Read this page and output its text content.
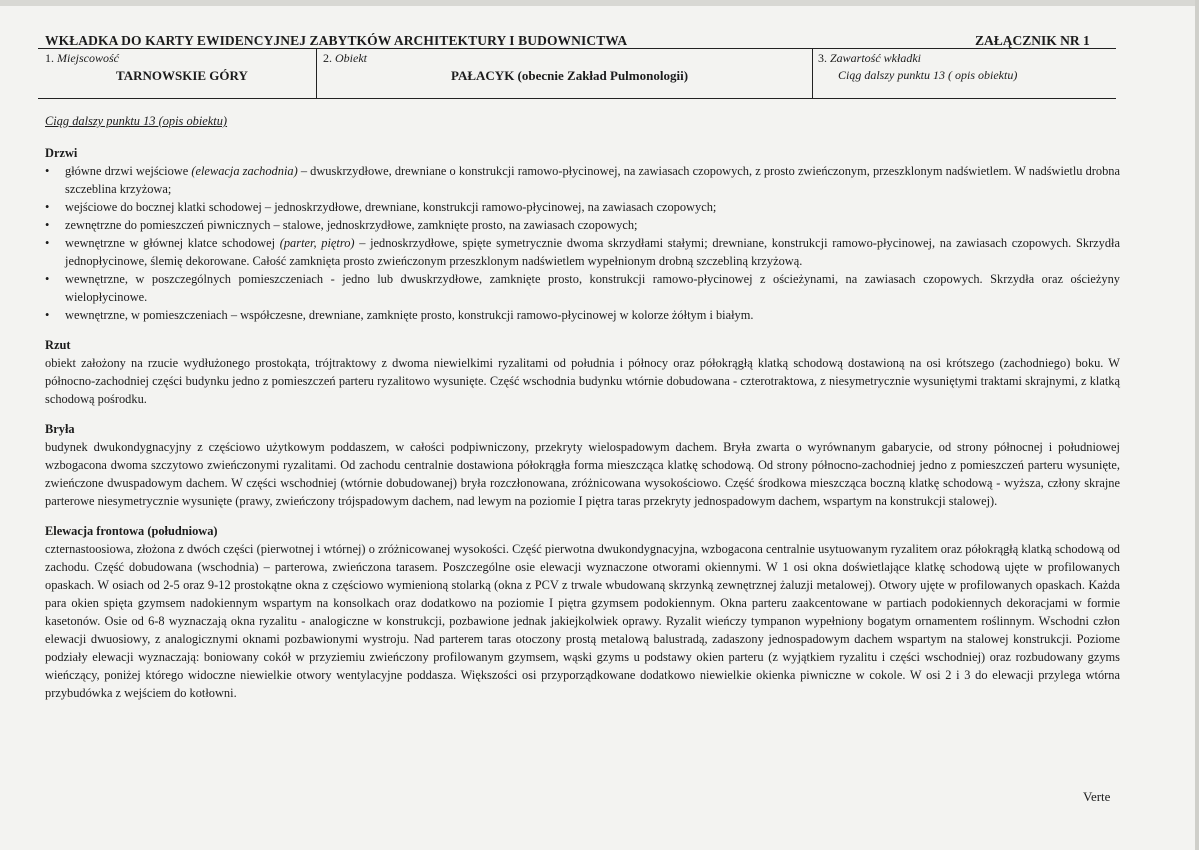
WKŁADKA DO KARTY EWIDENCYJNEJ ZABYTKÓW ARCHITEKTURY I BUDOWNICTWA	ZAŁĄCZNIK NR 1
1. Miejscowość
TARNOWSKIE GÓRY
2. Obiekt
PAŁACYK (obecnie Zakład Pulmonologii)
3. Zawartość wkładki
Ciąg dalszy punktu 13 ( opis obiektu)

Ciąg dalszy punktu 13 (opis obiektu)

Drzwi

• główne drzwi wejściowe (elewacja zachodnia) – dwuskrzydłowe, drewniane o konstrukcji ramowo-płycinowej, na zawiasach czopowych, z prosto zwieńczonym, przeszklonym nadświetlem. W nadświetlu drobna szczeblina krzyżowa;
• wejściowe do bocznej klatki schodowej – jednoskrzydłowe, drewniane, konstrukcji ramowo-płycinowej, na zawiasach czopowych;
• zewnętrzne do pomieszczeń piwnicznych – stalowe, jednoskrzydłowe, zamknięte prosto, na zawiasach czopowych;
• wewnętrzne w głównej klatce schodowej (parter, piętro) – jednoskrzydłowe, spięte symetrycznie dwoma skrzydłami stałymi; drewniane, konstrukcji ramowo-płycinowej, na zawiasach czopowych. Skrzydła jednopłycinowe, ślemię dekorowane. Całość zamknięta prosto zwieńczonym przeszklonym nadświetlem wypełnionym drobną szczebliną krzyżową.
• wewnętrzne, w poszczególnych pomieszczeniach - jedno lub dwuskrzydłowe, zamknięte prosto, konstrukcji ramowo-płycinowej z ościeżynami, na zawiasach czopowych. Skrzydła oraz ościeżyny wielopłycinowe.
• wewnętrzne, w pomieszczeniach – współczesne, drewniane, zamknięte prosto, konstrukcji ramowo-płycinowej w kolorze żółtym i białym.

Rzut

obiekt założony na rzucie wydłużonego prostokąta, trójtraktowy z dwoma niewielkimi ryzalitami od południa i północy oraz półokrągłą klatką schodową dostawioną na osi krótszego (zachodniego) boku. W północno-zachodniej części budynku jedno z pomieszczeń parteru ryzalitowo wysunięte. Część wschodnia budynku wtórnie dobudowana - czterotraktowa, z niesymetrycznie wysuniętymi traktami skrajnymi, z klatką schodową pośrodku.

Bryła

budynek dwukondygnacyjny z częściowo użytkowym poddaszem, w całości podpiwniczony, przekryty wielospadowym dachem. Bryła zwarta o wyrównanym gabarycie, od strony północnej i południowej wzbogacona dwoma szczytowo zwieńczonymi ryzalitami. Od zachodu centralnie dostawiona półokrągła forma mieszcząca klatkę schodową. Od strony północno-zachodniej jedno z pomieszczeń parteru wysunięte, zwieńczone dwuspadowym dachem. W części wschodniej (wtórnie dobudowanej) bryła rozczłonowana, zróżnicowana wysokościowo. Część środkowa mieszcząca boczną klatkę schodową - wyższa, człony skrajne parterowe niesymetrycznie wysunięte (prawy, zwieńczony trójspadowym dachem, nad lewym na poziomie I piętra taras przekryty jednospadowym dachem, wspartym na konstrukcji stalowej).

Elewacja frontowa (południowa)

czternastoosiowa, złożona z dwóch części (pierwotnej i wtórnej) o zróżnicowanej wysokości. Część pierwotna dwukondygnacyjna, wzbogacona centralnie usytuowanym ryzalitem oraz półokrągłą klatką schodową od zachodu. Część dobudowana (wschodnia) – parterowa, zwieńczona tarasem. Poszczególne osie elewacji wyznaczone otworami okiennymi. W 1 osi okna doświetlające klatkę schodową ujęte w profilowanych opaskach. W osiach od 2-5 oraz 9-12 prostokątne okna z częściowo wymienioną stolarką (okna z PCV z trwale wbudowaną skrzynką zewnętrznej żaluzji metalowej). Otwory ujęte w profilowanych opaskach. Każda para okien spięta gzymsem nadokiennym wspartym na konsolkach oraz dodatkowo na poziomie I piętra gzymsem podokiennym. Okna parteru zaakcentowane w partiach podokiennych dekoracjami w formie kasetonów. Osie od 6-8 wyznaczają okna ryzalitu - analogiczne w konstrukcji, pozbawione jednak jakiejkolwiek oprawy. Ryzalit wieńczy tympanon wypełniony bogatym ornamentem roślinnym. Wschodni człon elewacji dwuosiowy, z analogicznymi oknami pozbawionymi wystroju. Nad parterem taras otoczony prostą metalową balustradą, zadaszony jednospadowym dachem wspartym na stalowej konstrukcji. Poziome podziały elewacji wyznaczają: boniowany cokół w przyziemiu zwieńczony profilowanym gzymsem, wąski gzyms u podstawy okien parteru (z wyjątkiem ryzalitu i części wschodniej) oraz rozbudowany gzyms wieńczący, poniżej którego widoczne niewielkie otwory wentylacyjne poddasza. Większości osi przyporządkowane dodatkowo niewielkie okienka piwniczne w cokole. W osi 2 i 3 do elewacji przylega wtórna przybudówka z wejściem do kotłowni.

Verte
